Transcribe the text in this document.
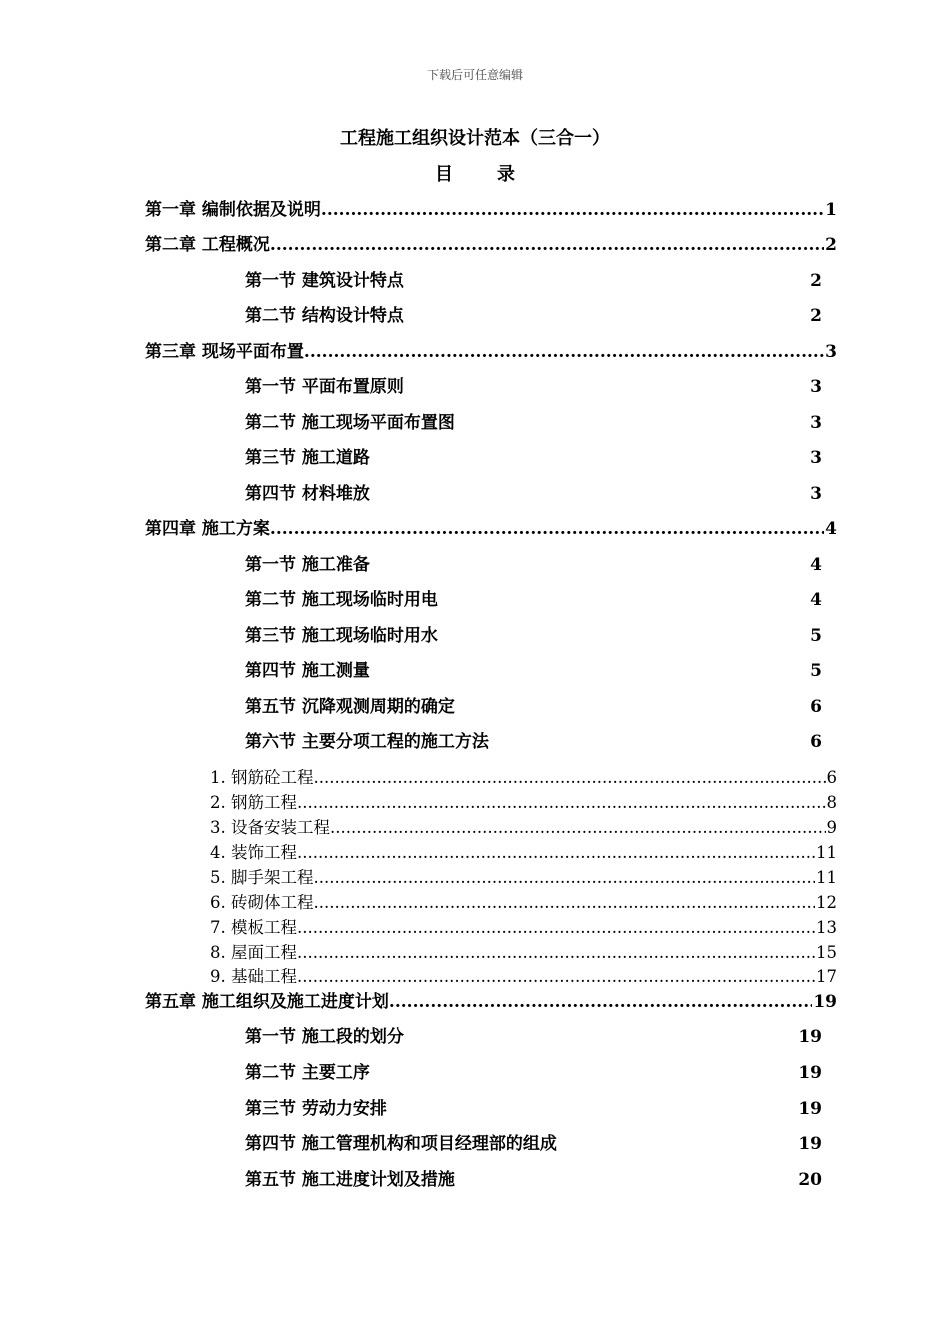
下载后可任意编辑
工程施工组织设计范本（三合一）
目 录
第一章 编制依据及说明 .....	1
第二章 工程概况 .....	2
第一节 建筑设计特点	2
第二节 结构设计特点	2
第三章 现场平面布置 .....	3
第一节 平面布置原则	3
第二节 施工现场平面布置图	3
第三节 施工道路	3
第四节 材料堆放	3
第四章 施工方案 .....	4
第一节 施工准备	4
第二节 施工现场临时用电	4
第三节 施工现场临时用水	5
第四节 施工测量	5
第五节 沉降观测周期的确定	6
第六节 主要分项工程的施工方法	6
1. 钢筋砼工程 .....	6
2. 钢筋工程 .....	8
3. 设备安装工程 .....	9
4. 装饰工程 .....	11
5. 脚手架工程 .....	11
6. 砖砌体工程 .....	12
7. 模板工程 .....	13
8. 屋面工程 .....	15
9. 基础工程 .....	17
第五章 施工组织及施工进度计划 .....	19
第一节 施工段的划分	19
第二节 主要工序	19
第三节 劳动力安排	19
第四节 施工管理机构和项目经理部的组成	19
第五节 施工进度计划及措施	20
